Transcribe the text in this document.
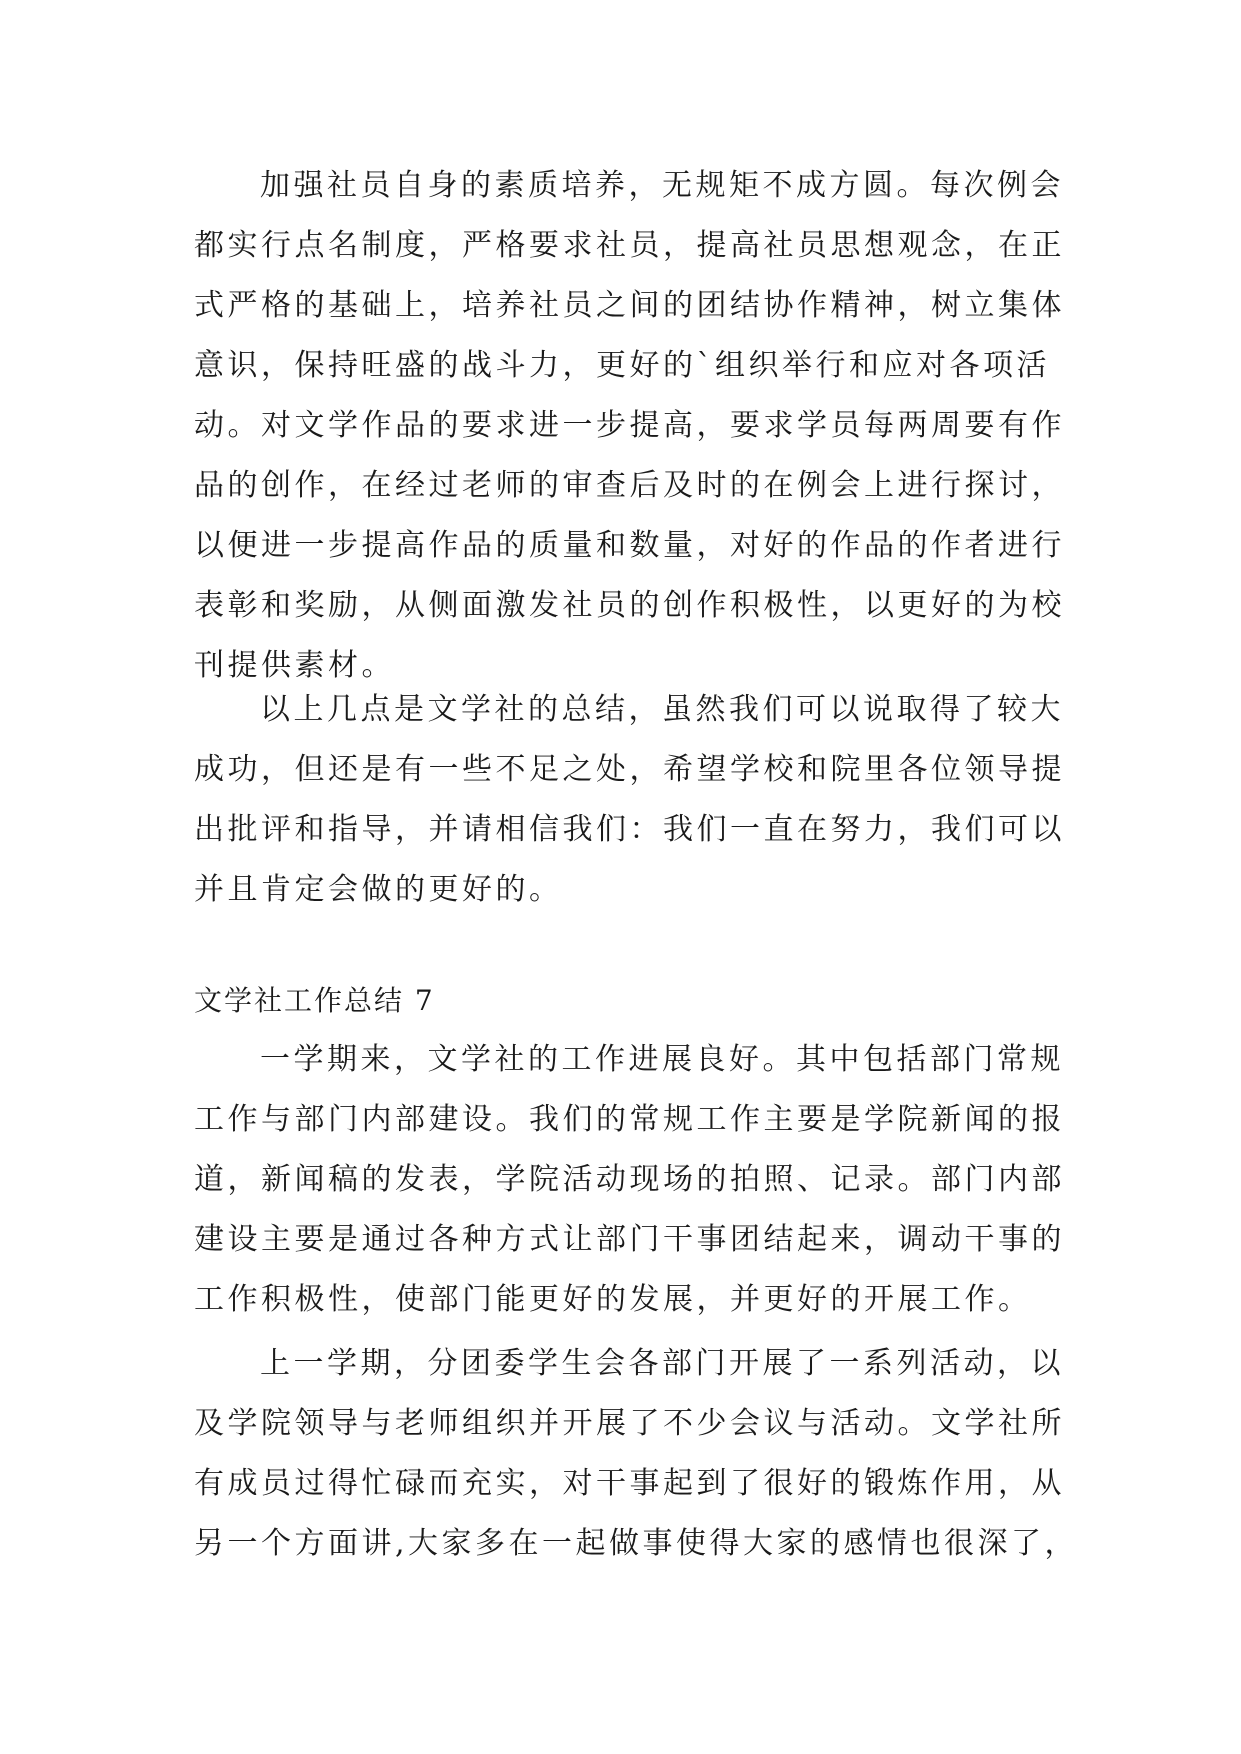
加强社员自身的素质培养，无规矩不成方圆。每次例会
都实行点名制度，严格要求社员，提高社员思想观念，在正
式严格的基础上，培养社员之间的团结协作精神，树立集体
意识，保持旺盛的战斗力，更好的`组织举行和应对各项活
动。对文学作品的要求进一步提高，要求学员每两周要有作
品的创作，在经过老师的审查后及时的在例会上进行探讨，
以便进一步提高作品的质量和数量，对好的作品的作者进行
表彰和奖励，从侧面激发社员的创作积极性，以更好的为校
刊提供素材。
以上几点是文学社的总结，虽然我们可以说取得了较大
成功，但还是有一些不足之处，希望学校和院里各位领导提
出批评和指导，并请相信我们：我们一直在努力，我们可以
并且肯定会做的更好的。
文学社工作总结 7
一学期来，文学社的工作进展良好。其中包括部门常规
工作与部门内部建设。我们的常规工作主要是学院新闻的报
道，新闻稿的发表，学院活动现场的拍照、记录。部门内部
建设主要是通过各种方式让部门干事团结起来，调动干事的
工作积极性，使部门能更好的发展，并更好的开展工作。
上一学期，分团委学生会各部门开展了一系列活动，以
及学院领导与老师组织并开展了不少会议与活动。文学社所
有成员过得忙碌而充实，对干事起到了很好的锻炼作用，从
另一个方面讲,大家多在一起做事使得大家的感情也很深了，
